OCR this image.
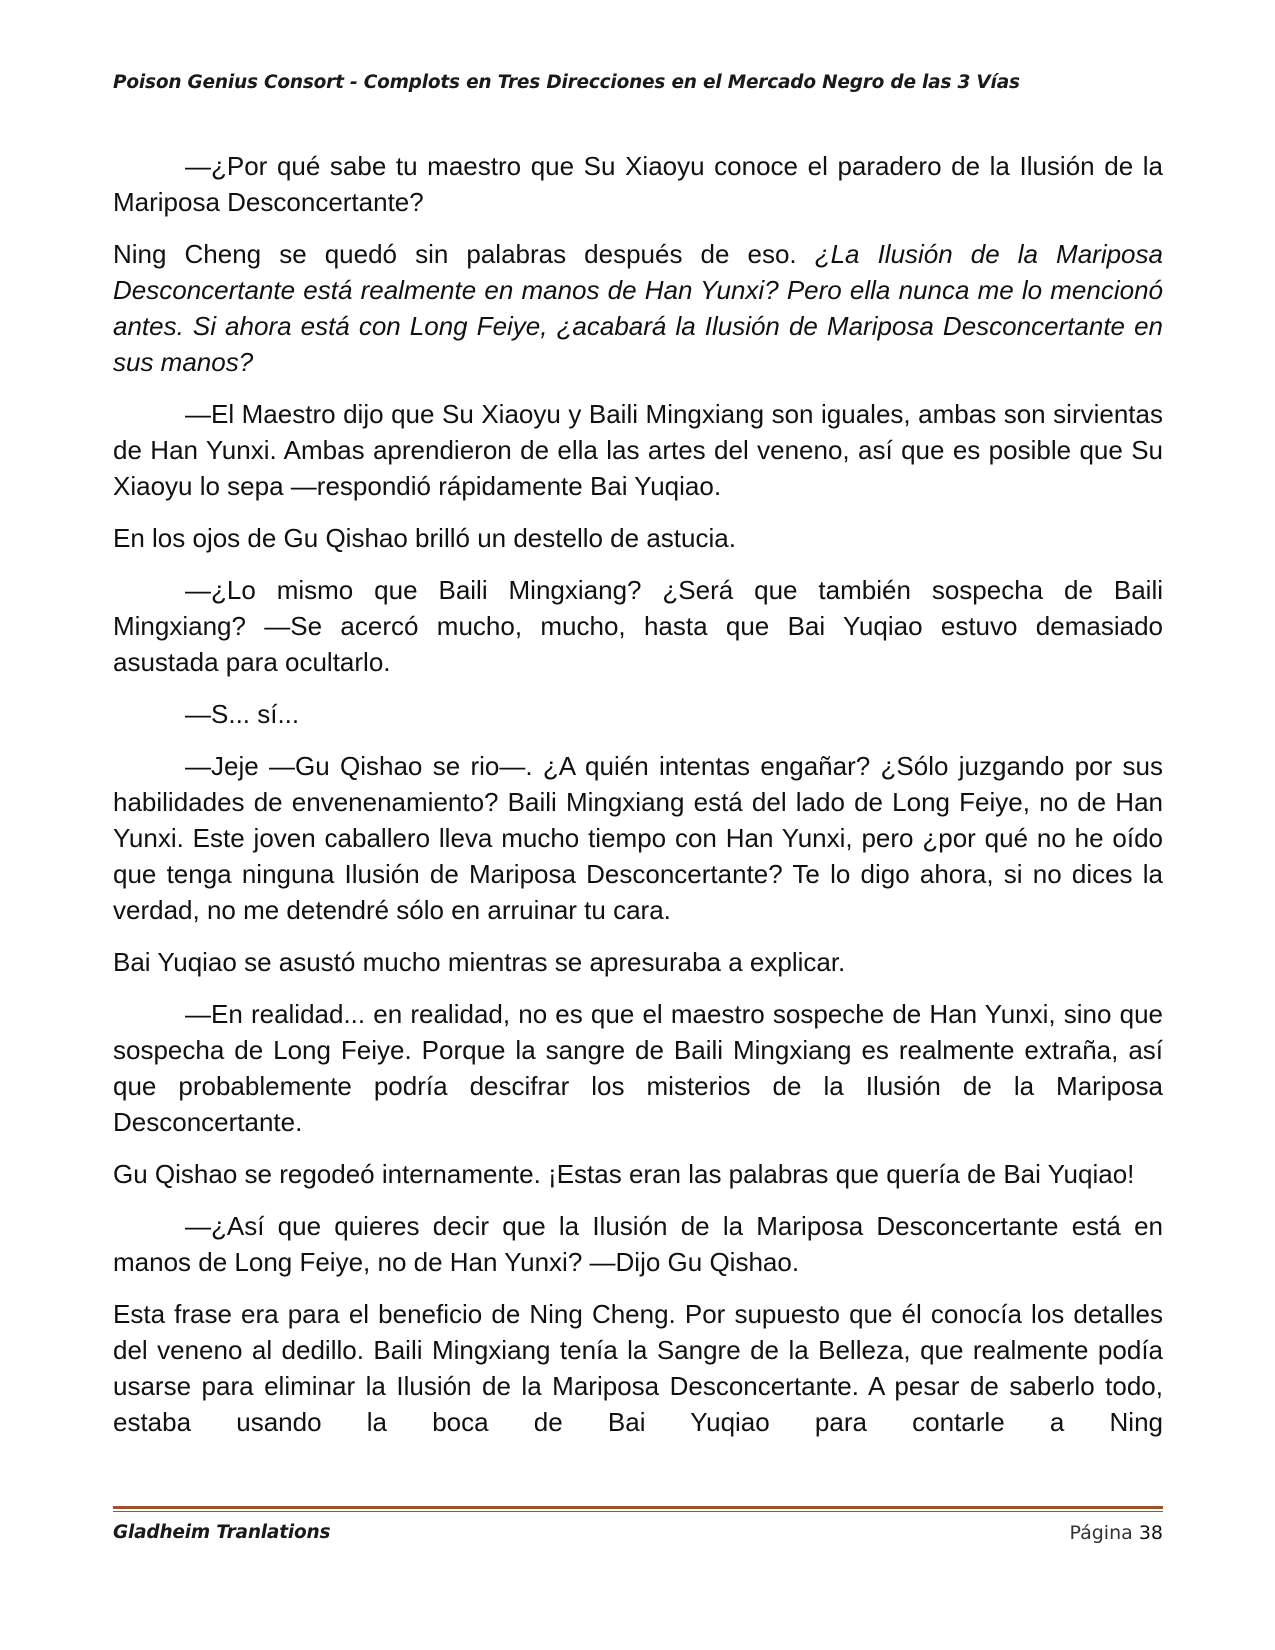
Poison Genius Consort - Complots en Tres Direcciones en el Mercado Negro de las 3 Vías

—¿Por qué sabe tu maestro que Su Xiaoyu conoce el paradero de la Ilusión de la Mariposa Desconcertante?

Ning Cheng se quedó sin palabras después de eso. ¿La Ilusión de la Mariposa Desconcertante está realmente en manos de Han Yunxi? Pero ella nunca me lo mencionó antes. Si ahora está con Long Feiye, ¿acabará la Ilusión de Mariposa Desconcertante en sus manos?

—El Maestro dijo que Su Xiaoyu y Baili Mingxiang son iguales, ambas son sirvientas de Han Yunxi. Ambas aprendieron de ella las artes del veneno, así que es posible que Su Xiaoyu lo sepa —respondió rápidamente Bai Yuqiao.

En los ojos de Gu Qishao brilló un destello de astucia.

—¿Lo mismo que Baili Mingxiang? ¿Será que también sospecha de Baili Mingxiang? —Se acercó mucho, mucho, hasta que Bai Yuqiao estuvo demasiado asustada para ocultarlo.

—S... sí...

—Jeje —Gu Qishao se rio—. ¿A quién intentas engañar? ¿Sólo juzgando por sus habilidades de envenenamiento? Baili Mingxiang está del lado de Long Feiye, no de Han Yunxi. Este joven caballero lleva mucho tiempo con Han Yunxi, pero ¿por qué no he oído que tenga ninguna Ilusión de Mariposa Desconcertante? Te lo digo ahora, si no dices la verdad, no me detendré sólo en arruinar tu cara.

Bai Yuqiao se asustó mucho mientras se apresuraba a explicar.

—En realidad... en realidad, no es que el maestro sospeche de Han Yunxi, sino que sospecha de Long Feiye. Porque la sangre de Baili Mingxiang es realmente extraña, así que probablemente podría descifrar los misterios de la Ilusión de la Mariposa Desconcertante.

Gu Qishao se regodeó internamente. ¡Estas eran las palabras que quería de Bai Yuqiao!

—¿Así que quieres decir que la Ilusión de la Mariposa Desconcertante está en manos de Long Feiye, no de Han Yunxi? —Dijo Gu Qishao.

Esta frase era para el beneficio de Ning Cheng. Por supuesto que él conocía los detalles del veneno al dedillo. Baili Mingxiang tenía la Sangre de la Belleza, que realmente podía usarse para eliminar la Ilusión de la Mariposa Desconcertante. A pesar de saberlo todo, estaba usando la boca de Bai Yuqiao para contarle a Ning

Gladheim Tranlations	Página 38
